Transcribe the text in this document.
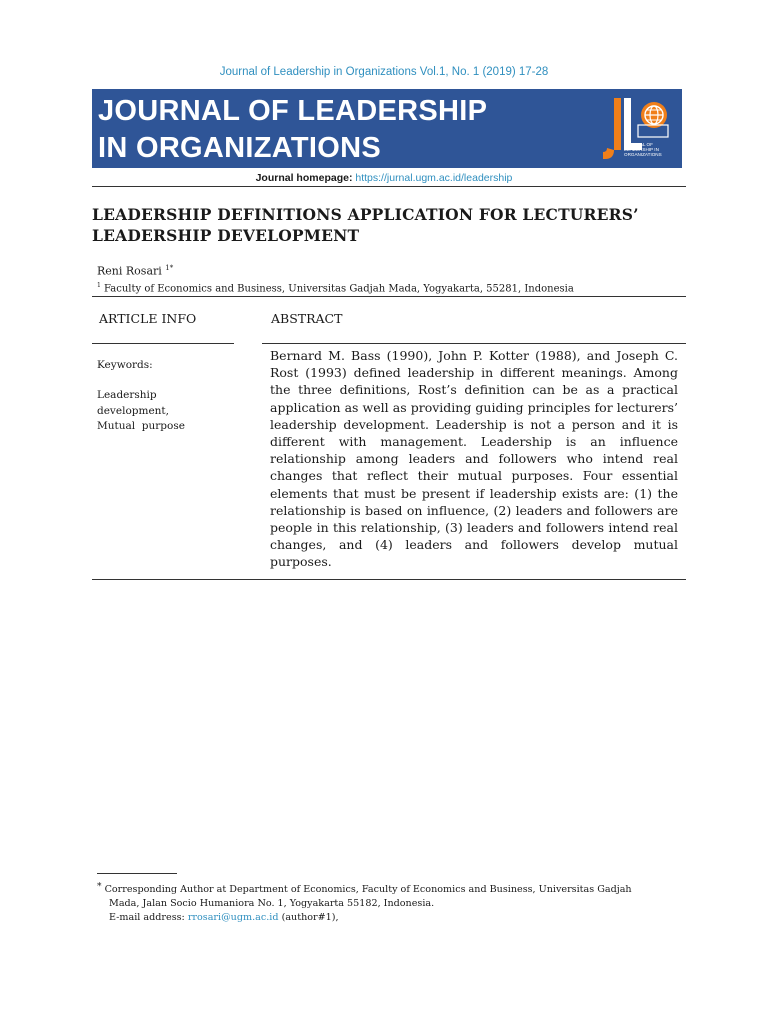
Journal of Leadership in Organizations Vol.1, No. 1 (2019) 17-28
JOURNAL OF LEADERSHIP
IN ORGANIZATIONS	JOURNAL OF
LEADERSHIP IN
ORGANIZATIONS
Journal homepage: https://jurnal.ugm.ac.id/leadership
LEADERSHIP DEFINITIONS APPLICATION FOR LECTURERS’
LEADERSHIP DEVELOPMENT
Reni Rosari $^{1*}$
$^1$ Faculty of Economics and Business, Universitas Gadjah Mada, Yogyakarta, 55281, Indonesia
ARTICLE INFO	ABSTRACT
Keywords:
Leadership
development,
Mutual  purpose
Bernard M. Bass (1990), John P. Kotter (1988), and Joseph C. Rost (1993) defined leadership in different meanings. Among the three definitions, Rost’s definition can be as a practical application as well as providing guiding principles for lecturers’ leadership development. Leadership is not a person and it is different with management. Leadership is an influence relationship among leaders and followers who intend real changes that reflect their mutual purposes. Four essential elements that must be present if leadership exists are: (1) the relationship is based on influence, (2) leaders and followers are people in this relationship, (3) leaders and followers intend real changes, and (4) leaders and followers develop mutual purposes.
* Corresponding Author at Department of Economics, Faculty of Economics and Business, Universitas Gadjah
Mada, Jalan Socio Humaniora No. 1, Yogyakarta 55182, Indonesia.
E-mail address: rrosari@ugm.ac.id (author#1),
